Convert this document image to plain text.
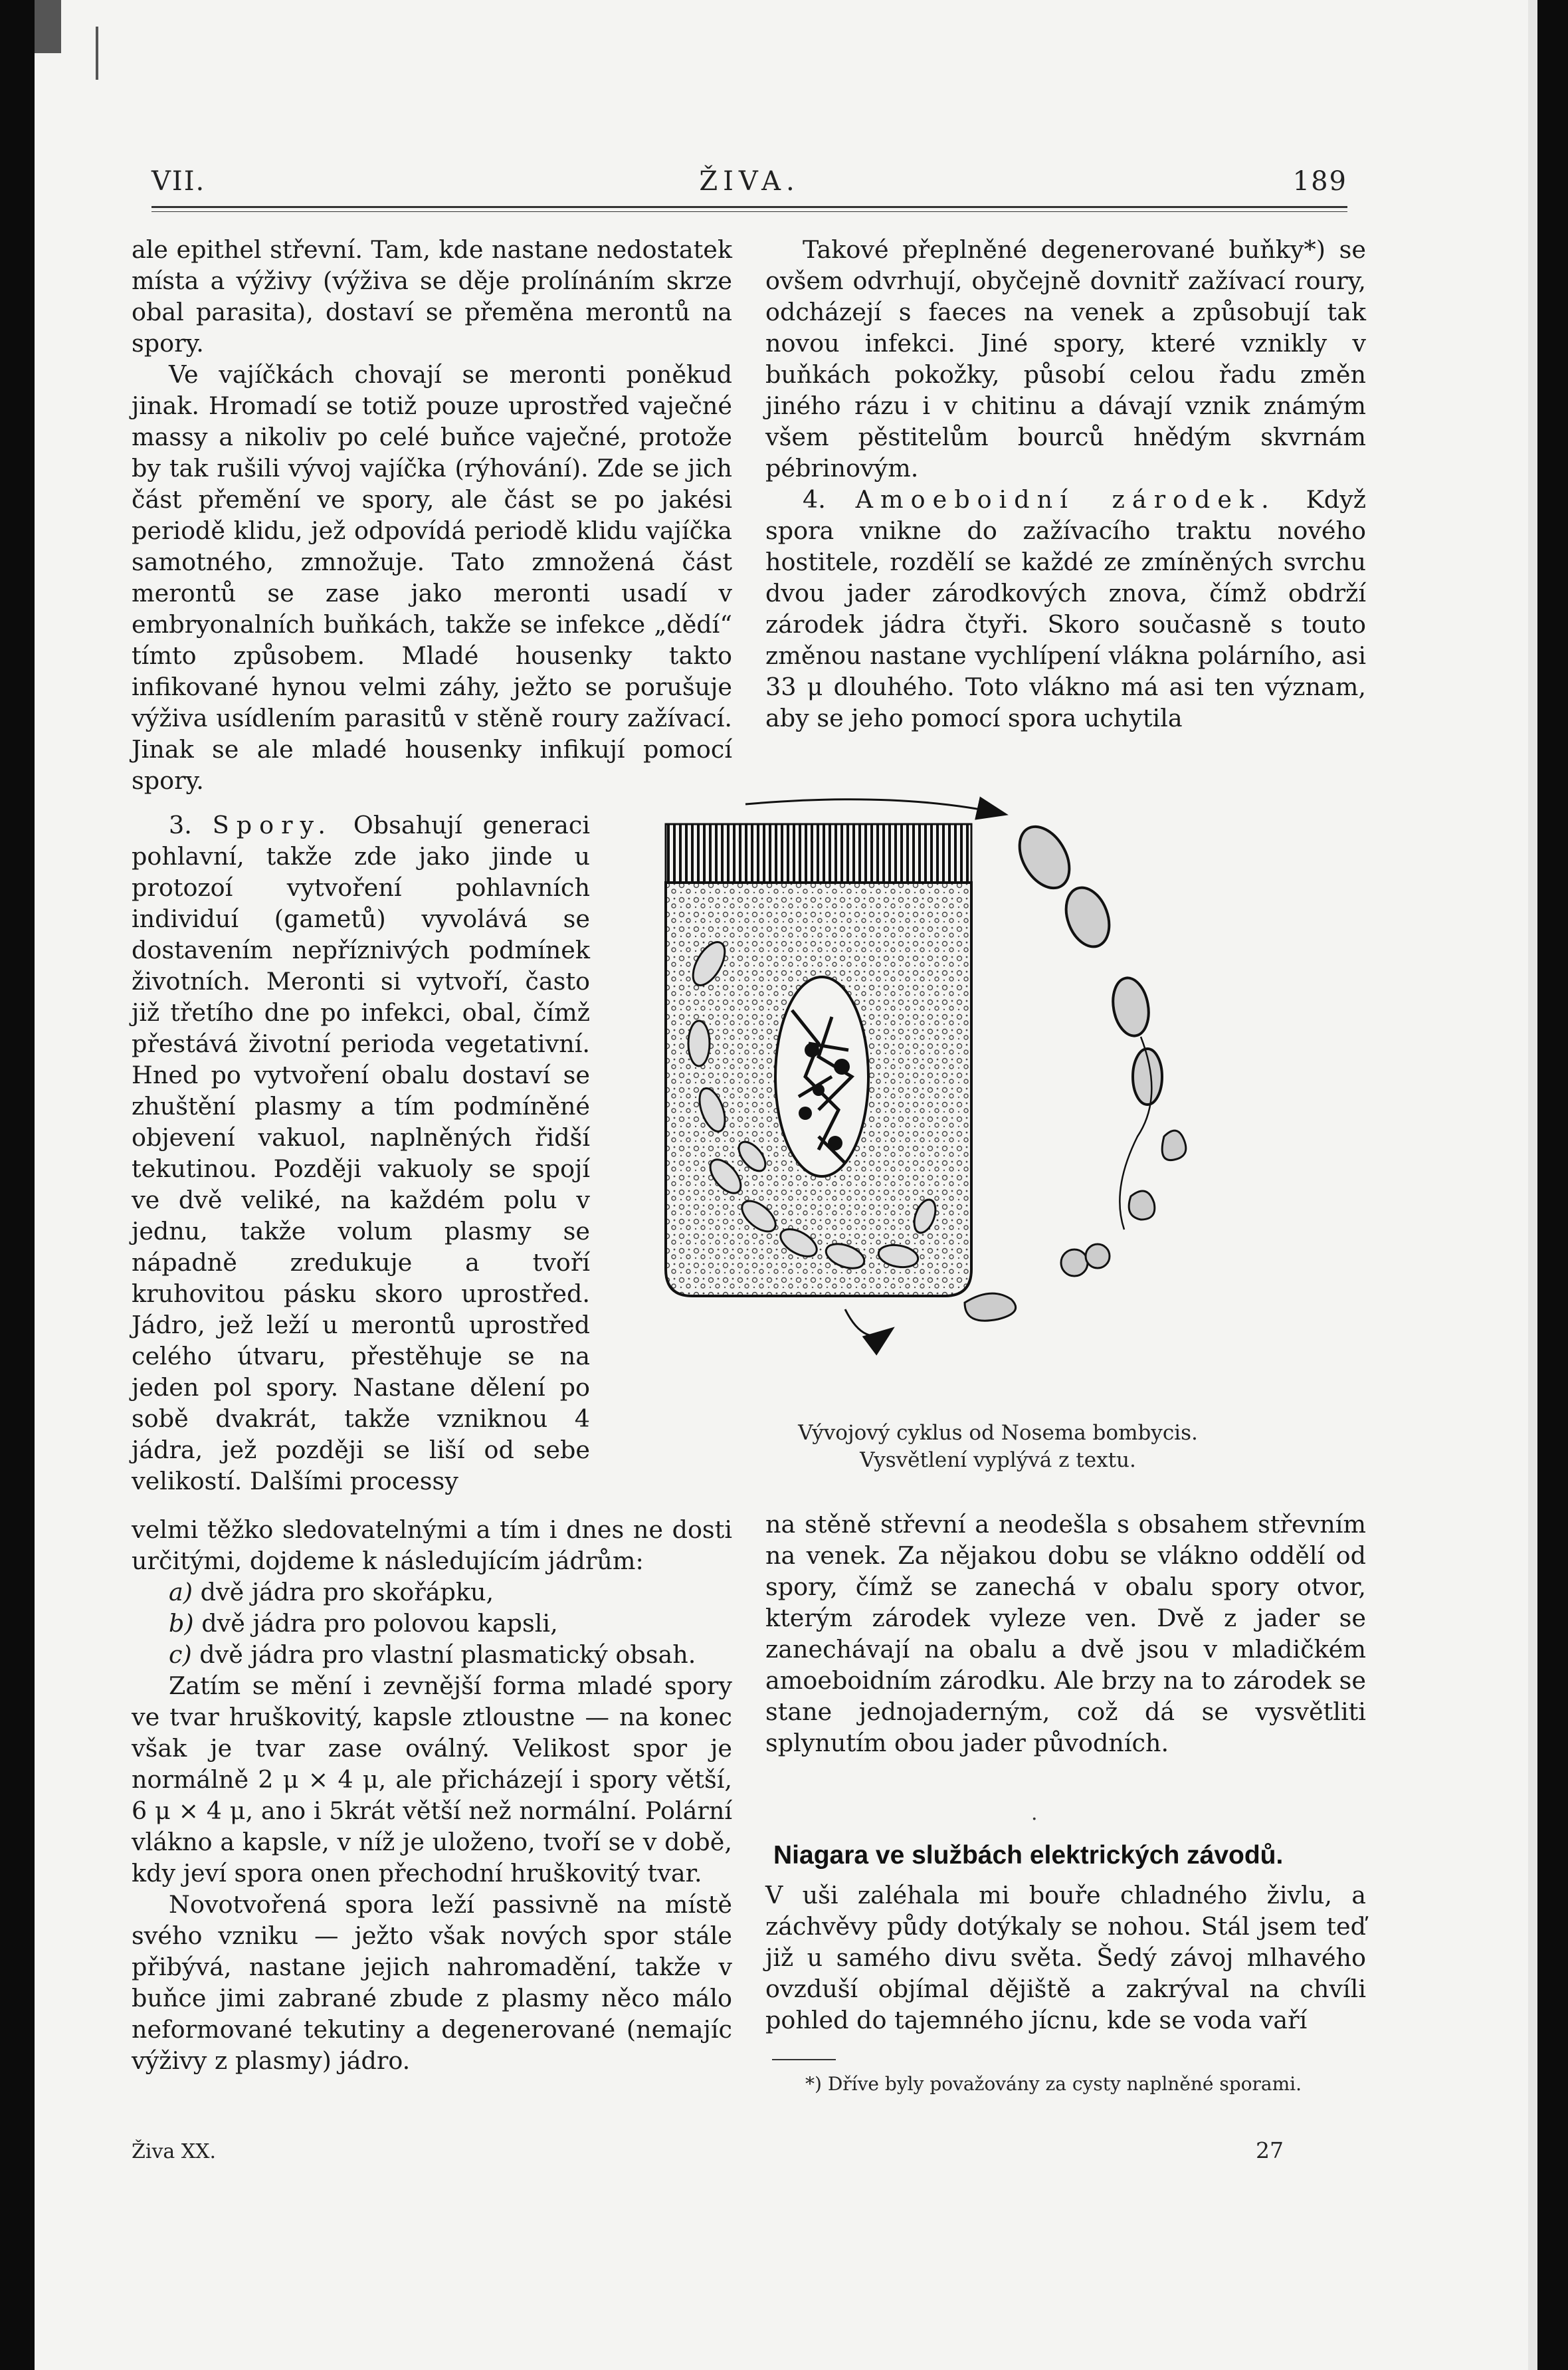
VII.	ŽIVA.	189

ale epithel střevní. Tam, kde nastane nedostatek místa a výživy (výživa se děje prolínáním skrze obal parasita), dostaví se přeměna merontů na spory.

Ve vajíčkách chovají se meronti poněkud jinak. Hromadí se totiž pouze uprostřed vaječné massy a nikoliv po celé buňce vaječné, protože by tak rušili vývoj vajíčka (rýhování). Zde se jich část přemění ve spory, ale část se po jakési periodě klidu, jež odpovídá periodě klidu vajíčka samotného, zmnožuje. Tato zmnožená část merontů se zase jako meronti usadí v embryonalních buňkách, takže se infekce „dědí“ tímto způsobem. Mladé housenky takto infikované hynou velmi záhy, ježto se porušuje výživa usídlením parasitů v stěně roury zažívací. Jinak se ale mladé housenky infikují pomocí spory.

3. Spory. Obsahují generaci pohlavní, takže zde jako jinde u protozoí vytvoření pohlavních individuí (gametů) vyvolává se dostavením nepříznivých podmínek životních. Meronti si vytvoří, často již třetího dne po infekci, obal, čímž přestává životní perioda vegetativní. Hned po vytvoření obalu dostaví se zhuštění plasmy a tím podmíněné objevení vakuol, naplněných řidší tekutinou. Později vakuoly se spojí ve dvě veliké, na každém polu v jednu, takže volum plasmy se nápadně zredukuje a tvoří kruhovitou pásku skoro uprostřed. Jádro, jež leží u merontů uprostřed celého útvaru, přestěhuje se na jeden pol spory. Nastane dělení po sobě dvakrát, takže vzniknou 4 jádra, jež později se liší od sebe velikostí. Dalšími processy

velmi těžko sledovatelnými a tím i dnes ne dosti určitými, dojdeme k následujícím jádrům:

a) dvě jádra pro skořápku,

b) dvě jádra pro polovou kapsli,

c) dvě jádra pro vlastní plasmatický obsah.

Zatím se mění i zevnější forma mladé spory ve tvar hruškovitý, kapsle ztloustne — na konec však je tvar zase oválný. Velikost spor je normálně 2 μ × 4 μ, ale přicházejí i spory větší, 6 μ × 4 μ, ano i 5krát větší než normální. Polární vlákno a kapsle, v níž je uloženo, tvoří se v době, kdy jeví spora onen přechodní hruškovitý tvar.

Novotvořená spora leží passivně na místě svého vzniku — ježto však nových spor stále přibývá, nastane jejich nahromadění, takže v buňce jimi zabrané zbude z plasmy něco málo neformované tekutiny a degenerované (nemajíc výživy z plasmy) jádro.

Takové přeplněné degenerované buňky*) se ovšem odvrhují, obyčejně dovnitř zažívací roury, odcházejí s faeces na venek a způsobují tak novou infekci. Jiné spory, které vznikly v buňkách pokožky, působí celou řadu změn jiného rázu i v chitinu a dávají vznik známým všem pěstitelům bourců hnědým skvrnám pébrinovým.

4. Amoeboidní zárodek. Když spora vnikne do zažívacího traktu nového hostitele, rozdělí se každé ze zmíněných svrchu dvou jader zárodkových znova, čímž obdrží zárodek jádra čtyři. Skoro současně s touto změnou nastane vychlípení vlákna polárního, asi 33 μ dlouhého. Toto vlákno má asi ten význam, aby se jeho pomocí spora uchytila

Vývojový cyklus od Nosema bombycis.
Vysvětlení vyplývá z textu.

na stěně střevní a neodešla s obsahem střevním na venek. Za nějakou dobu se vlákno oddělí od spory, čímž se zanechá v obalu spory otvor, kterým zárodek vyleze ven. Dvě z jader se zanechávají na obalu a dvě jsou v mladičkém amoeboidním zárodku. Ale brzy na to zárodek se stane jednojaderným, což dá se vysvětliti splynutím obou jader původních.

·
Niagara ve službách elektrických závodů.

V uši zaléhala mi bouře chladného živlu, a záchvěvy půdy dotýkaly se nohou. Stál jsem teď již u samého divu světa. Šedý závoj mlhavého ovzduší objímal dějiště a zakrýval na chvíli pohled do tajemného jícnu, kde se voda vaří

*) Dříve byly považovány za cysty naplněné sporami.
Živa XX.	27
